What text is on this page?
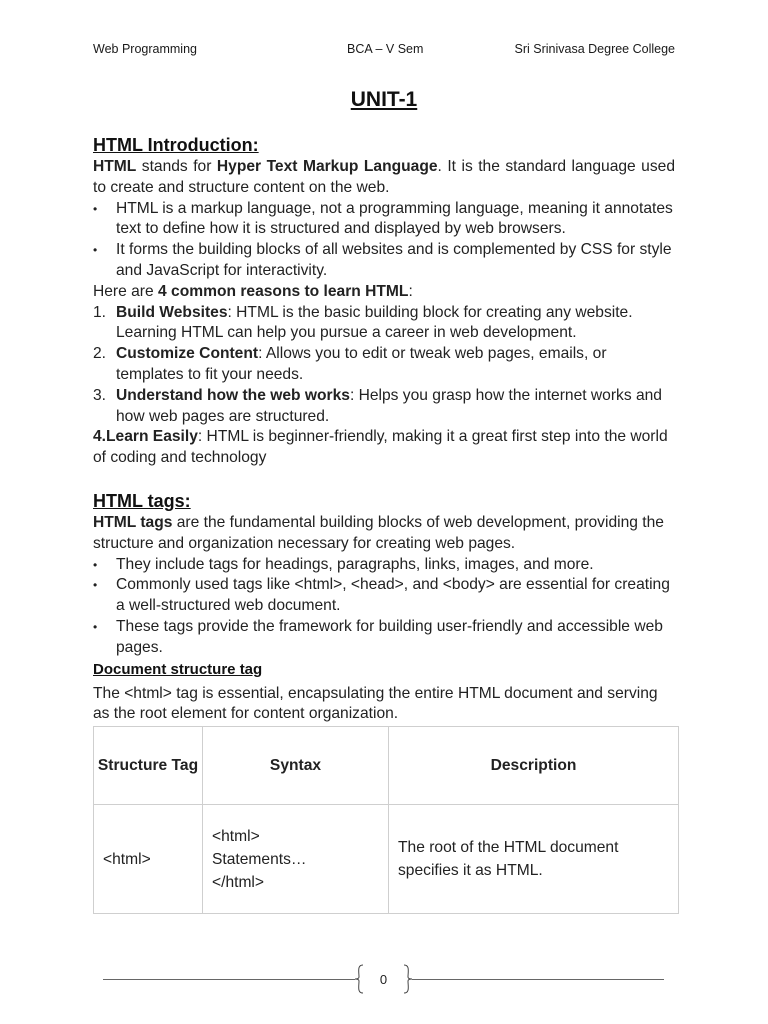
Web Programming	BCA – V Sem	Sri Srinivasa Degree College
UNIT-1
HTML Introduction:

HTML stands for Hyper Text Markup Language. It is the standard language used to create and structure content on the web.

• HTML is a markup language, not a programming language, meaning it annotates text to define how it is structured and displayed by web browsers.
• It forms the building blocks of all websites and is complemented by CSS for style and JavaScript for interactivity.

Here are 4 common reasons to learn HTML:

1. Build Websites: HTML is the basic building block for creating any website. Learning HTML can help you pursue a career in web development.
2. Customize Content: Allows you to edit or tweak web pages, emails, or templates to fit your needs.
3. Understand how the web works: Helps you grasp how the internet works and how web pages are structured.

4.Learn Easily: HTML is beginner-friendly, making it a great first step into the world of coding and technology

HTML tags:

HTML tags are the fundamental building blocks of web development, providing the structure and organization necessary for creating web pages.

• They include tags for headings, paragraphs, links, images, and more.
• Commonly used tags like <html>, <head>, and <body> are essential for creating a well-structured web document.
• These tags provide the framework for building user-friendly and accessible web pages.
Document structure tag

The <html> tag is essential, encapsulating the entire HTML document and serving as the root element for content organization.

Structure Tag	Syntax	Description
<html>	<html>
Statements…
</html>	The root of the HTML document specifies it as HTML.
0
